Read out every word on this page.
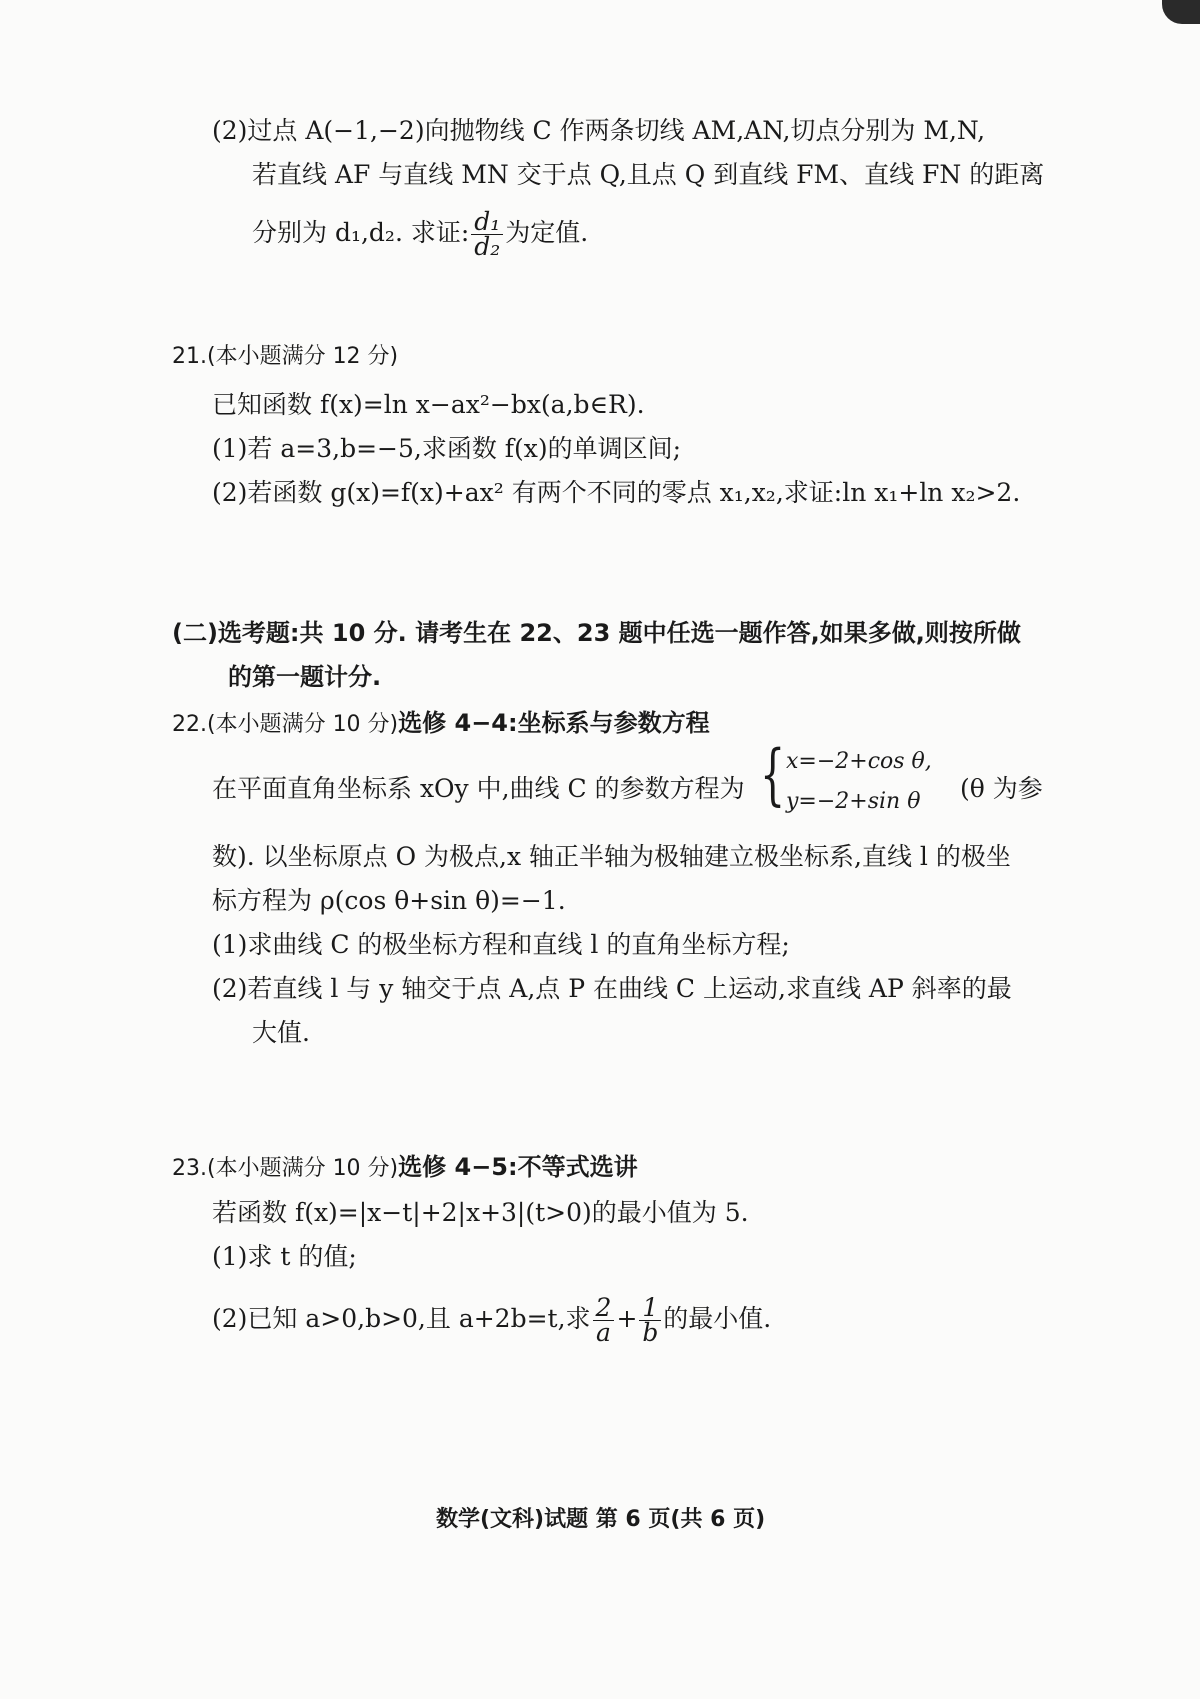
(2)过点 A(−1,−2)向抛物线 C 作两条切线 AM,AN,切点分别为 M,N,
若直线 AF 与直线 MN 交于点 Q,且点 Q 到直线 FM、直线 FN 的距离
分别为 d₁,d₂. 求证: $\frac{\text{d₁}}{\text{d₂}}$ 为定值.
21.(本小题满分 12 分)
已知函数 f(x)=ln x−ax²−bx(a,b∈R).
(1)若 a=3,b=−5,求函数 f(x)的单调区间;
(2)若函数 g(x)=f(x)+ax² 有两个不同的零点 x₁,x₂,求证:ln x₁+ln x₂>2.
(二)选考题:共 10 分. 请考生在 22、23 题中任选一题作答,如果多做,则按所做
的第一题计分.
22.(本小题满分 10 分)选修 4−4:坐标系与参数方程
在平面直角坐标系 xOy 中,曲线 C 的参数方程为 { x=−2+cos θ,
y=−2+sin θ (θ 为参
数). 以坐标原点 O 为极点,x 轴正半轴为极轴建立极坐标系,直线 l 的极坐
标方程为 ρ(cos θ+sin θ)=−1.
(1)求曲线 C 的极坐标方程和直线 l 的直角坐标方程;
(2)若直线 l 与 y 轴交于点 A,点 P 在曲线 C 上运动,求直线 AP 斜率的最
大值.
23.(本小题满分 10 分)选修 4−5:不等式选讲
若函数 f(x)=|x−t|+2|x+3|(t>0)的最小值为 5.
(1)求 t 的值;
(2)已知 a>0,b>0,且 a+2b=t,求 $\frac{2}{a} + \frac{1}{b}$ 的最小值.
数学(文科)试题 第 6 页(共 6 页)
